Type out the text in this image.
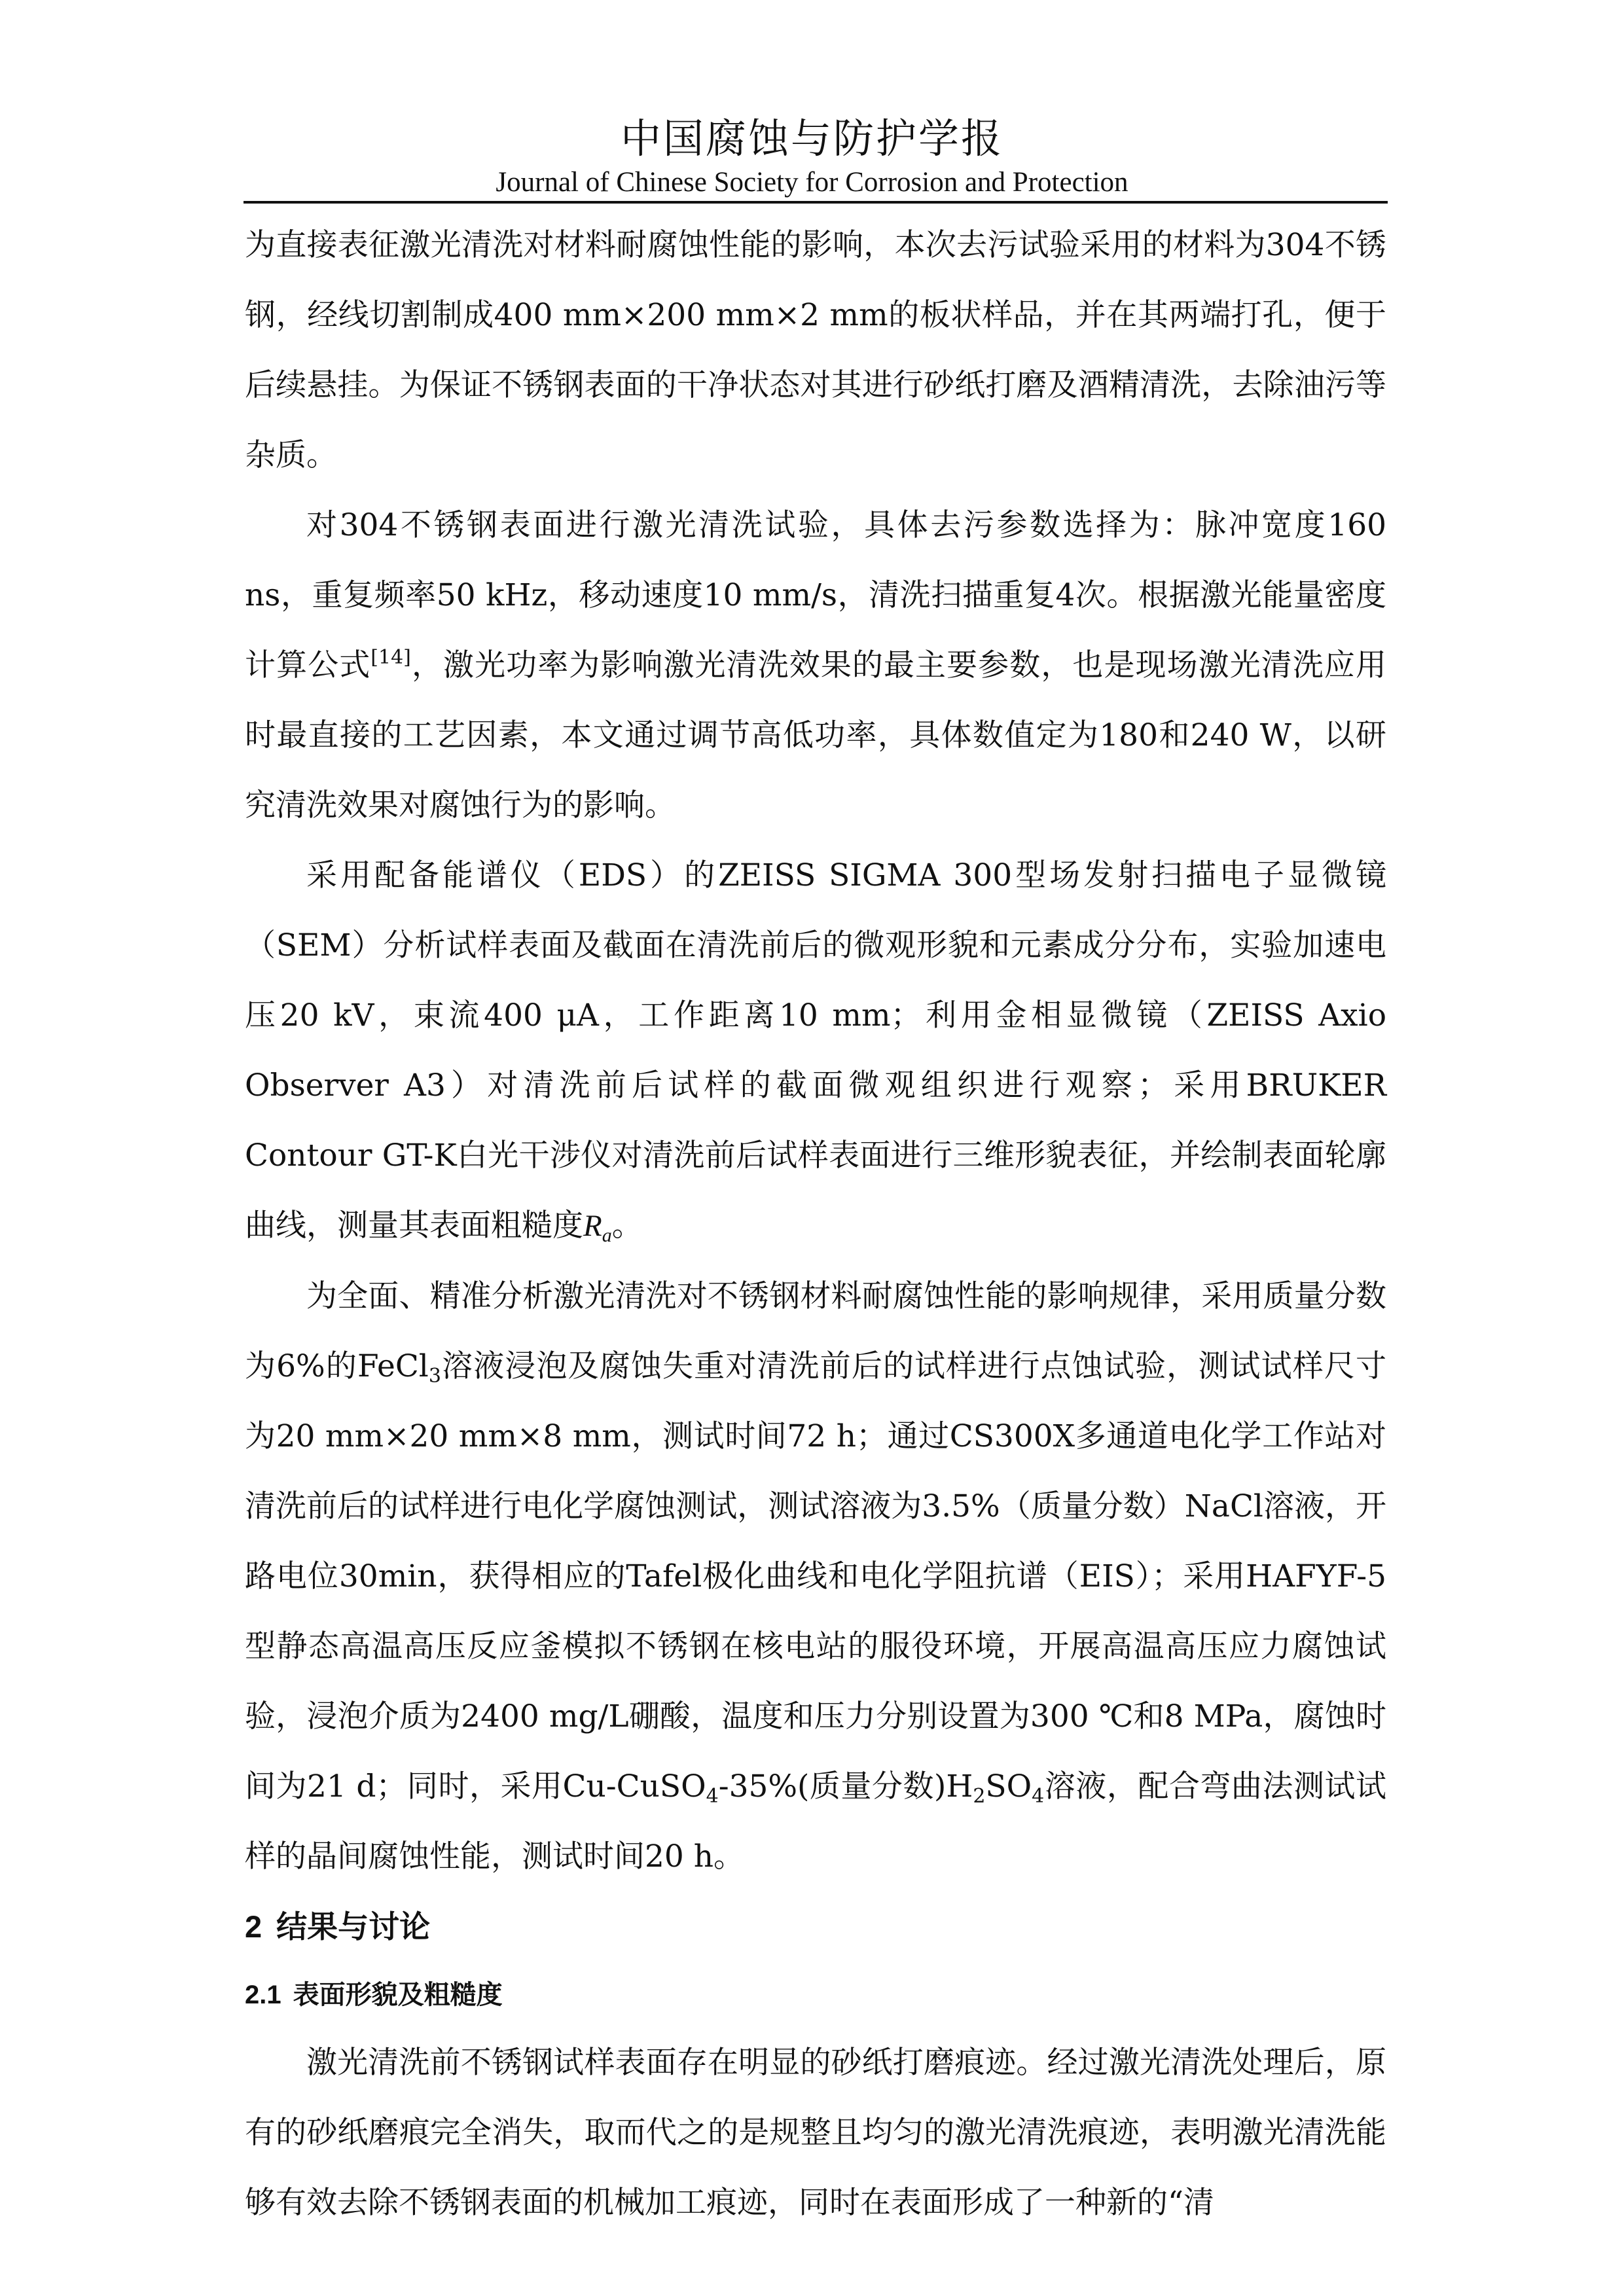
中国腐蚀与防护学报
Journal of Chinese Society for Corrosion and Protection

为直接表征激光清洗对材料耐腐蚀性能的影响，本次去污试验采用的材料为304不锈钢，经线切割制成400 mm×200 mm×2 mm的板状样品，并在其两端打孔，便于后续悬挂。为保证不锈钢表面的干净状态对其进行砂纸打磨及酒精清洗，去除油污等杂质。

对304不锈钢表面进行激光清洗试验，具体去污参数选择为：脉冲宽度160 ns，重复频率50 kHz，移动速度10 mm/s，清洗扫描重复4次。根据激光能量密度计算公式[14]，激光功率为影响激光清洗效果的最主要参数，也是现场激光清洗应用时最直接的工艺因素，本文通过调节高低功率，具体数值定为180和240 W，以研究清洗效果对腐蚀行为的影响。

采用配备能谱仪（EDS）的ZEISS SIGMA 300型场发射扫描电子显微镜（SEM）分析试样表面及截面在清洗前后的微观形貌和元素成分分布，实验加速电压20 kV，束流400 μA，工作距离10 mm；利用金相显微镜（ZEISS Axio Observer A3）对清洗前后试样的截面微观组织进行观察；采用BRUKER Contour GT-K白光干涉仪对清洗前后试样表面进行三维形貌表征，并绘制表面轮廓曲线，测量其表面粗糙度$R_a$。

为全面、精准分析激光清洗对不锈钢材料耐腐蚀性能的影响规律，采用质量分数为6%的FeCl$_3$溶液浸泡及腐蚀失重对清洗前后的试样进行点蚀试验，测试试样尺寸为20 mm×20 mm×8 mm，测试时间72 h；通过CS300X多通道电化学工作站对清洗前后的试样进行电化学腐蚀测试，测试溶液为3.5%（质量分数）NaCl溶液，开路电位30min，获得相应的Tafel极化曲线和电化学阻抗谱（EIS）；采用HAFYF-5型静态高温高压反应釜模拟不锈钢在核电站的服役环境，开展高温高压应力腐蚀试验，浸泡介质为2400 mg/L硼酸，温度和压力分别设置为300 ℃和8 MPa，腐蚀时间为21 d；同时，采用Cu-CuSO$_4$-35%(质量分数)$H_2SO_4$溶液，配合弯曲法测试试样的晶间腐蚀性能，测试时间20 h。

2 结果与讨论
2.1 表面形貌及粗糙度

激光清洗前不锈钢试样表面存在明显的砂纸打磨痕迹。经过激光清洗处理后，原有的砂纸磨痕完全消失，取而代之的是规整且均匀的激光清洗痕迹，表明激光清洗能够有效去除不锈钢表面的机械加工痕迹，同时在表面形成了一种新的“清
